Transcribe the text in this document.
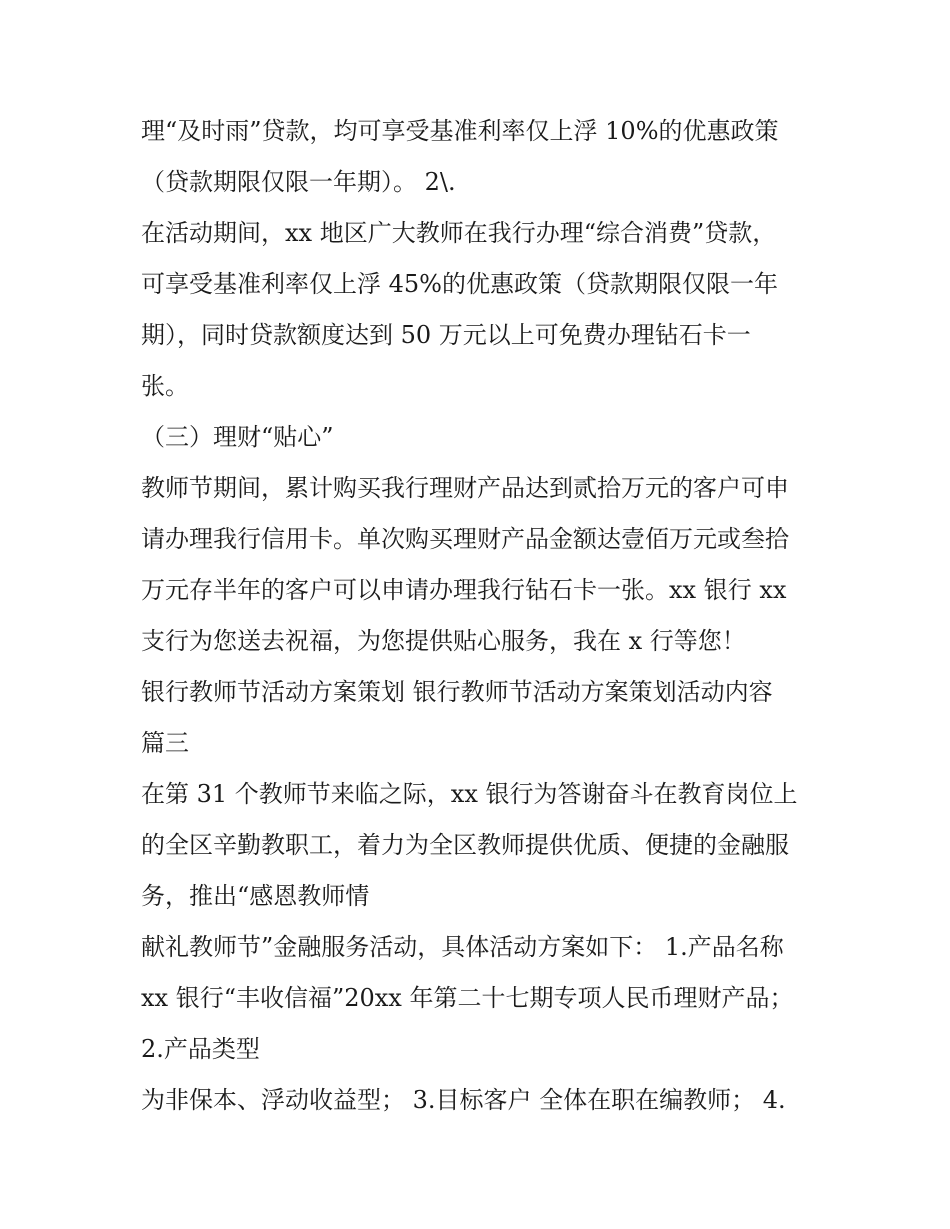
理“及时雨”贷款，均可享受基准利率仅上浮 10%的优惠政策
（贷款期限仅限一年期）。 2\.
在活动期间，xx 地区广大教师在我行办理“综合消费”贷款，
可享受基准利率仅上浮 45%的优惠政策（贷款期限仅限一年
期），同时贷款额度达到 50 万元以上可免费办理钻石卡一
张。
（三）理财“贴心”
教师节期间，累计购买我行理财产品达到贰拾万元的客户可申
请办理我行信用卡。单次购买理财产品金额达壹佰万元或叁拾
万元存半年的客户可以申请办理我行钻石卡一张。xx 银行 xx
支行为您送去祝福，为您提供贴心服务，我在 x 行等您！
银行教师节活动方案策划 银行教师节活动方案策划活动内容
篇三
在第 31 个教师节来临之际，xx 银行为答谢奋斗在教育岗位上
的全区辛勤教职工，着力为全区教师提供优质、便捷的金融服
务，推出“感恩教师情
献礼教师节”金融服务活动，具体活动方案如下： 1.产品名称
xx 银行“丰收信福”20xx 年第二十七期专项人民币理财产品；
2.产品类型
为非保本、浮动收益型； 3.目标客户 全体在职在编教师； 4.
